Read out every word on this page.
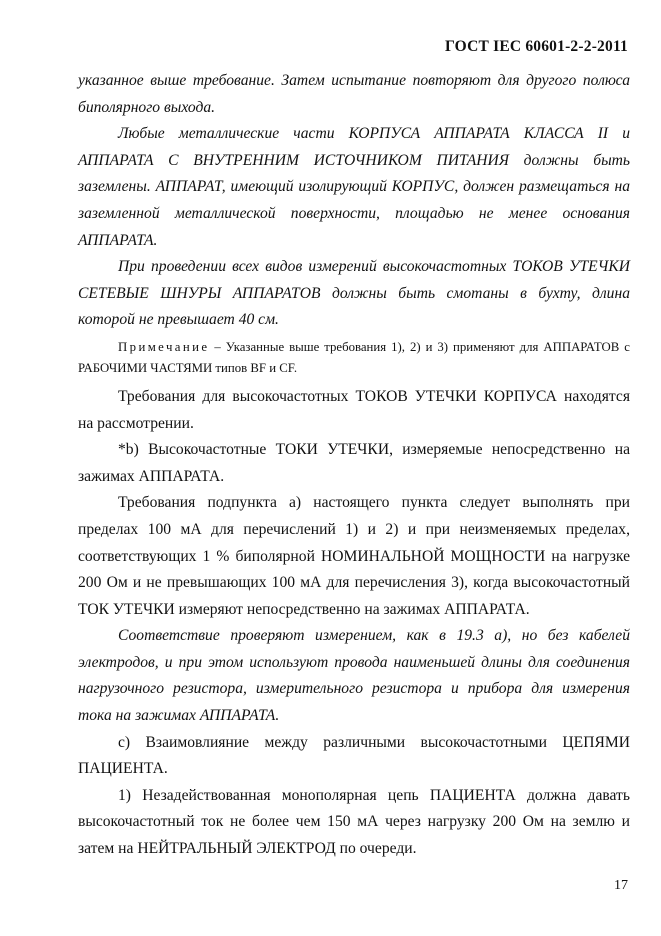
ГОСТ IEC 60601-2-2-2011

указанное выше требование. Затем испытание повторяют для другого полюса биполярного выхода.

Любые металлические части КОРПУСА АППАРАТА КЛАССА II и АППАРАТА С ВНУТРЕННИМ ИСТОЧНИКОМ ПИТАНИЯ должны быть заземлены. АППАРАТ, имеющий изолирующий КОРПУС, должен размещаться на заземленной металлической поверхности, площадью не менее основания АППАРАТА.

При проведении всех видов измерений высокочастотных ТОКОВ УТЕЧКИ СЕТЕВЫЕ ШНУРЫ АППАРАТОВ должны быть смотаны в бухту, длина которой не превышает 40 см.

Примечание – Указанные выше требования 1), 2) и 3) применяют для АППАРАТОВ с РАБОЧИМИ ЧАСТЯМИ типов BF и CF.

Требования для высокочастотных ТОКОВ УТЕЧКИ КОРПУСА находятся на рассмотрении.

*b) Высокочастотные ТОКИ УТЕЧКИ, измеряемые непосредственно на зажимах АППАРАТА.

Требования подпункта а) настоящего пункта следует выполнять при пределах 100 мА для перечислений 1) и 2) и при неизменяемых пределах, соответствующих 1 % биполярной НОМИНАЛЬНОЙ МОЩНОСТИ на нагрузке 200 Ом и не превышающих 100 мА для перечисления 3), когда высокочастотный ТОК УТЕЧКИ измеряют непосредственно на зажимах АППАРАТА.

Соответствие проверяют измерением, как в 19.3 а), но без кабелей электродов, и при этом используют провода наименьшей длины для соединения нагрузочного резистора, измерительного резистора и прибора для измерения тока на зажимах АППАРАТА.

с) Взаимовлияние между различными высокочастотными ЦЕПЯМИ ПАЦИЕНТА.

1) Незадействованная монополярная цепь ПАЦИЕНТА должна давать высокочастотный ток не более чем 150 мА через нагрузку 200 Ом на землю и затем на НЕЙТРАЛЬНЫЙ ЭЛЕКТРОД по очереди.

17
